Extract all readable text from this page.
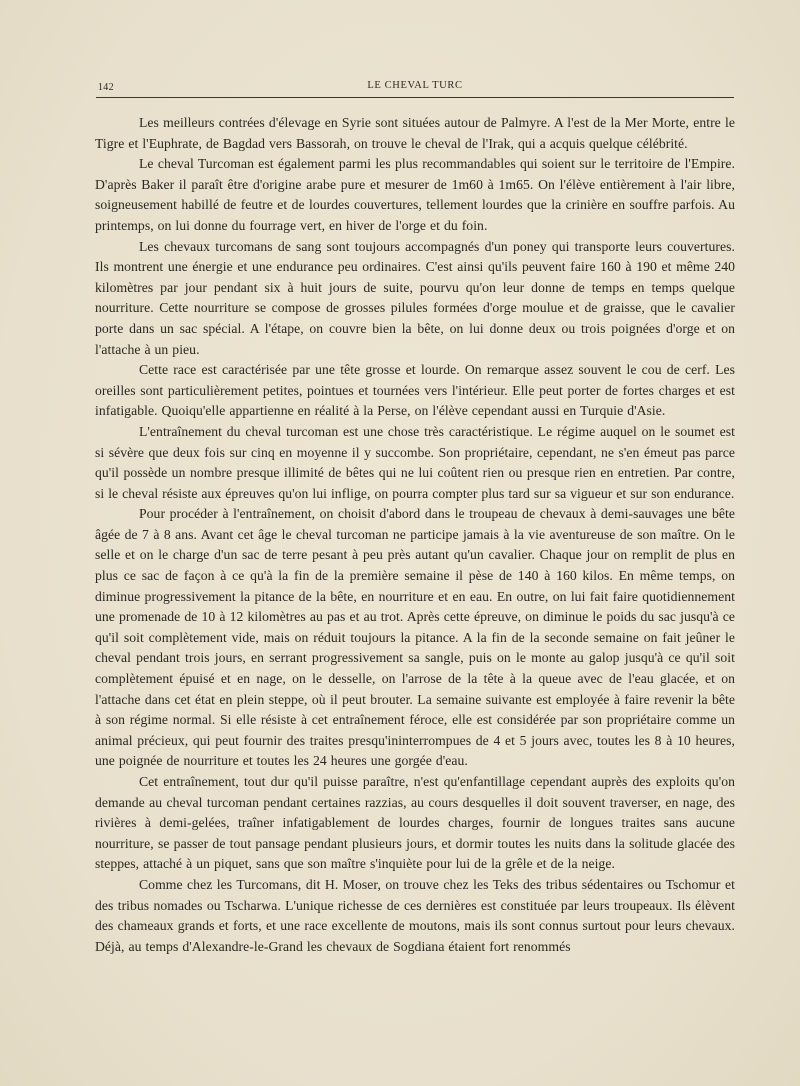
142	LE CHEVAL TURC

Les meilleurs contrées d'élevage en Syrie sont situées autour de Palmyre. A l'est de la Mer Morte, entre le Tigre et l'Euphrate, de Bagdad vers Bassorah, on trouve le cheval de l'Irak, qui a acquis quelque célébrité.

Le cheval Turcoman est également parmi les plus recommandables qui soient sur le territoire de l'Empire. D'après Baker il paraît être d'origine arabe pure et mesurer de 1m60 à 1m65. On l'élève entièrement à l'air libre, soigneusement habillé de feutre et de lourdes couvertures, tellement lourdes que la crinière en souffre parfois. Au printemps, on lui donne du fourrage vert, en hiver de l'orge et du foin.

Les chevaux turcomans de sang sont toujours accompagnés d'un poney qui transporte leurs couvertures. Ils montrent une énergie et une endurance peu ordinaires. C'est ainsi qu'ils peuvent faire 160 à 190 et même 240 kilomètres par jour pendant six à huit jours de suite, pourvu qu'on leur donne de temps en temps quelque nourriture. Cette nourriture se compose de grosses pilules formées d'orge moulue et de graisse, que le cavalier porte dans un sac spécial. A l'étape, on couvre bien la bête, on lui donne deux ou trois poignées d'orge et on l'attache à un pieu.

Cette race est caractérisée par une tête grosse et lourde. On remarque assez souvent le cou de cerf. Les oreilles sont particulièrement petites, pointues et tournées vers l'intérieur. Elle peut porter de fortes charges et est infatigable. Quoiqu'elle appartienne en réalité à la Perse, on l'élève cependant aussi en Turquie d'Asie.

L'entraînement du cheval turcoman est une chose très caractéristique. Le régime auquel on le soumet est si sévère que deux fois sur cinq en moyenne il y succombe. Son propriétaire, cependant, ne s'en émeut pas parce qu'il possède un nombre presque illimité de bêtes qui ne lui coûtent rien ou presque rien en entretien. Par contre, si le cheval résiste aux épreuves qu'on lui inflige, on pourra compter plus tard sur sa vigueur et sur son endurance.

Pour procéder à l'entraînement, on choisit d'abord dans le troupeau de chevaux à demi-sauvages une bête âgée de 7 à 8 ans. Avant cet âge le cheval turcoman ne participe jamais à la vie aventureuse de son maître. On le selle et on le charge d'un sac de terre pesant à peu près autant qu'un cavalier. Chaque jour on remplit de plus en plus ce sac de façon à ce qu'à la fin de la première semaine il pèse de 140 à 160 kilos. En même temps, on diminue progressivement la pitance de la bête, en nourriture et en eau. En outre, on lui fait faire quotidiennement une promenade de 10 à 12 kilomètres au pas et au trot. Après cette épreuve, on diminue le poids du sac jusqu'à ce qu'il soit complètement vide, mais on réduit toujours la pitance. A la fin de la seconde semaine on fait jeûner le cheval pendant trois jours, en serrant progressivement sa sangle, puis on le monte au galop jusqu'à ce qu'il soit complètement épuisé et en nage, on le desselle, on l'arrose de la tête à la queue avec de l'eau glacée, et on l'attache dans cet état en plein steppe, où il peut brouter. La semaine suivante est employée à faire revenir la bête à son régime normal. Si elle résiste à cet entraînement féroce, elle est considérée par son propriétaire comme un animal précieux, qui peut fournir des traites presqu'ininterrompues de 4 et 5 jours avec, toutes les 8 à 10 heures, une poignée de nourriture et toutes les 24 heures une gorgée d'eau.

Cet entraînement, tout dur qu'il puisse paraître, n'est qu'enfantillage cependant auprès des exploits qu'on demande au cheval turcoman pendant certaines razzias, au cours desquelles il doit souvent traverser, en nage, des rivières à demi-gelées, traîner infatigablement de lourdes charges, fournir de longues traites sans aucune nourriture, se passer de tout pansage pendant plusieurs jours, et dormir toutes les nuits dans la solitude glacée des steppes, attaché à un piquet, sans que son maître s'inquiète pour lui de la grêle et de la neige.

Comme chez les Turcomans, dit H. Moser, on trouve chez les Teks des tribus sédentaires ou Tschomur et des tribus nomades ou Tscharwa. L'unique richesse de ces dernières est constituée par leurs troupeaux. Ils élèvent des chameaux grands et forts, et une race excellente de moutons, mais ils sont connus surtout pour leurs chevaux. Déjà, au temps d'Alexandre-le-Grand les chevaux de Sogdiana étaient fort renommés
